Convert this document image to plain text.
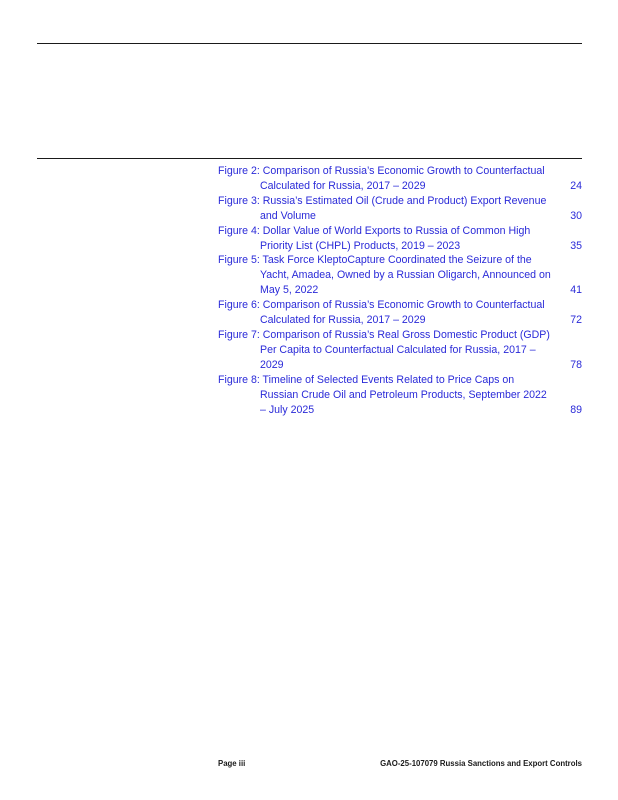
Figure 2: Comparison of Russia’s Economic Growth to Counterfactual Calculated for Russia, 2017 – 2029	24
Figure 3: Russia’s Estimated Oil (Crude and Product) Export Revenue and Volume	30
Figure 4: Dollar Value of World Exports to Russia of Common High Priority List (CHPL) Products, 2019 – 2023	35
Figure 5: Task Force KleptoCapture Coordinated the Seizure of the Yacht, Amadea, Owned by a Russian Oligarch, Announced on May 5, 2022	41
Figure 6: Comparison of Russia’s Economic Growth to Counterfactual Calculated for Russia, 2017 – 2029	72
Figure 7: Comparison of Russia’s Real Gross Domestic Product (GDP) Per Capita to Counterfactual Calculated for Russia, 2017 – 2029	78
Figure 8: Timeline of Selected Events Related to Price Caps on Russian Crude Oil and Petroleum Products, September 2022 – July 2025	89
Page iii	GAO-25-107079 Russia Sanctions and Export Controls
